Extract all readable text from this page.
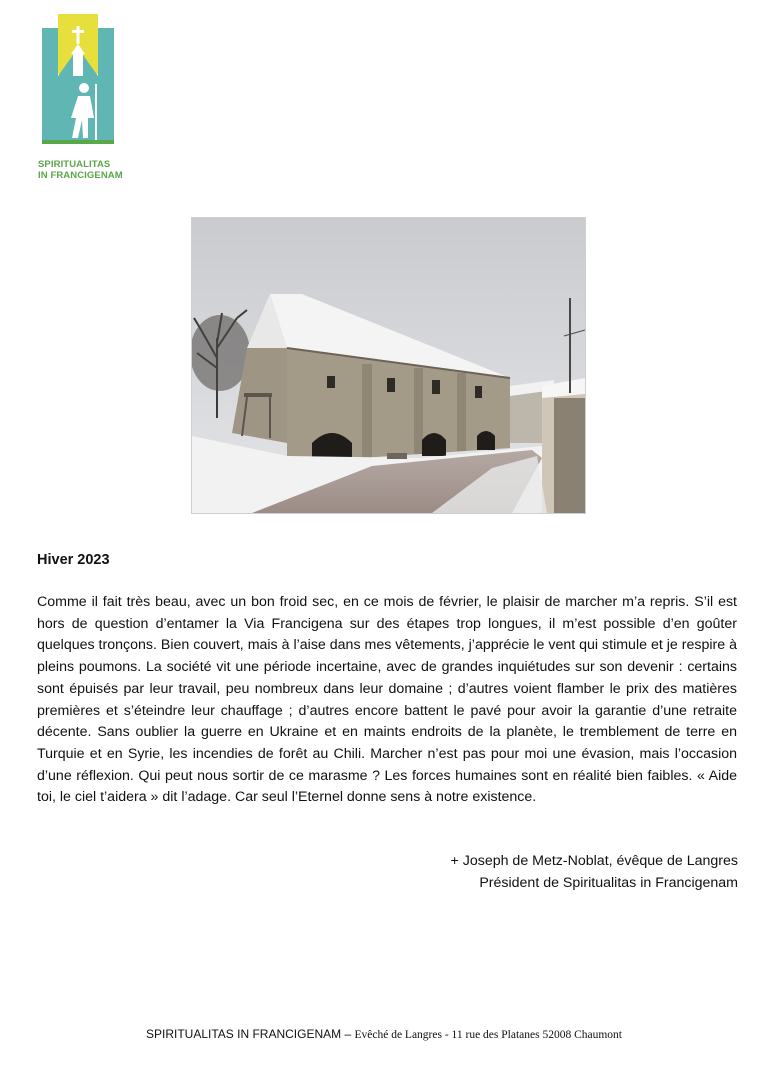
SPIRITUALITAS
IN FRANCIGENAM
Hiver 2023

Comme il fait très beau, avec un bon froid sec, en ce mois de février, le plaisir de marcher m’a repris. S’il est hors de question d’entamer la Via Francigena sur des étapes trop longues, il m’est possible d’en goûter quelques tronçons. Bien couvert, mais à l’aise dans mes vêtements, j’apprécie le vent qui stimule et je respire à pleins poumons. La société vit une période incertaine, avec de grandes inquiétudes sur son devenir : certains sont épuisés par leur travail, peu nombreux dans leur domaine ; d’autres voient flamber le prix des matières premières et s’éteindre leur chauffage ; d’autres encore battent le pavé pour avoir la garantie d’une retraite décente. Sans oublier la guerre en Ukraine et en maints endroits de la planète, le tremblement de terre en Turquie et en Syrie, les incendies de forêt au Chili. Marcher n’est pas pour moi une évasion, mais l’occasion d’une réflexion. Qui peut nous sortir de ce marasme ? Les forces humaines sont en réalité bien faibles. « Aide toi, le ciel t’aidera » dit l’adage. Car seul l’Eternel donne sens à notre existence.

+ Joseph de Metz-Noblat, évêque de Langres
Président de Spiritualitas in Francigenam
SPIRITUALITAS IN FRANCIGENAM – Evêché de Langres - 11 rue des Platanes 52008 Chaumont
